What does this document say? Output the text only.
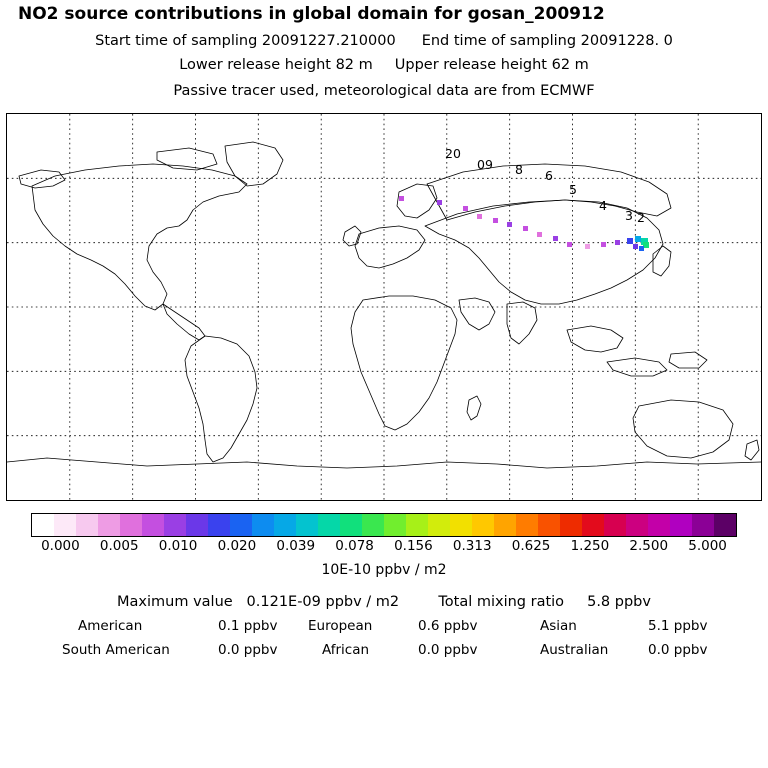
NO2 source contributions in global domain for gosan_200912
Start time of sampling 20091227.210000 End time of sampling 20091228. 0
Lower release height 82 m Upper release height 62 m
Passive tracer used, meteorological data are from ECMWF
20
09 8 6
5
4
3 2
0.000 0.005 0.010 0.020 0.039 0.078 0.156 0.313 0.625 1.250 2.500 5.000
10E-10 ppbv / m2
Maximum value 0.121E-09 ppbv / m2	Total mixing ratio 5.8 ppbv
American	0.1 ppbv European	0.6 ppbv	Asian	5.1 ppbv
South American	0.0 ppbv	African	0.0 ppbv	Australian	0.0 ppbv
